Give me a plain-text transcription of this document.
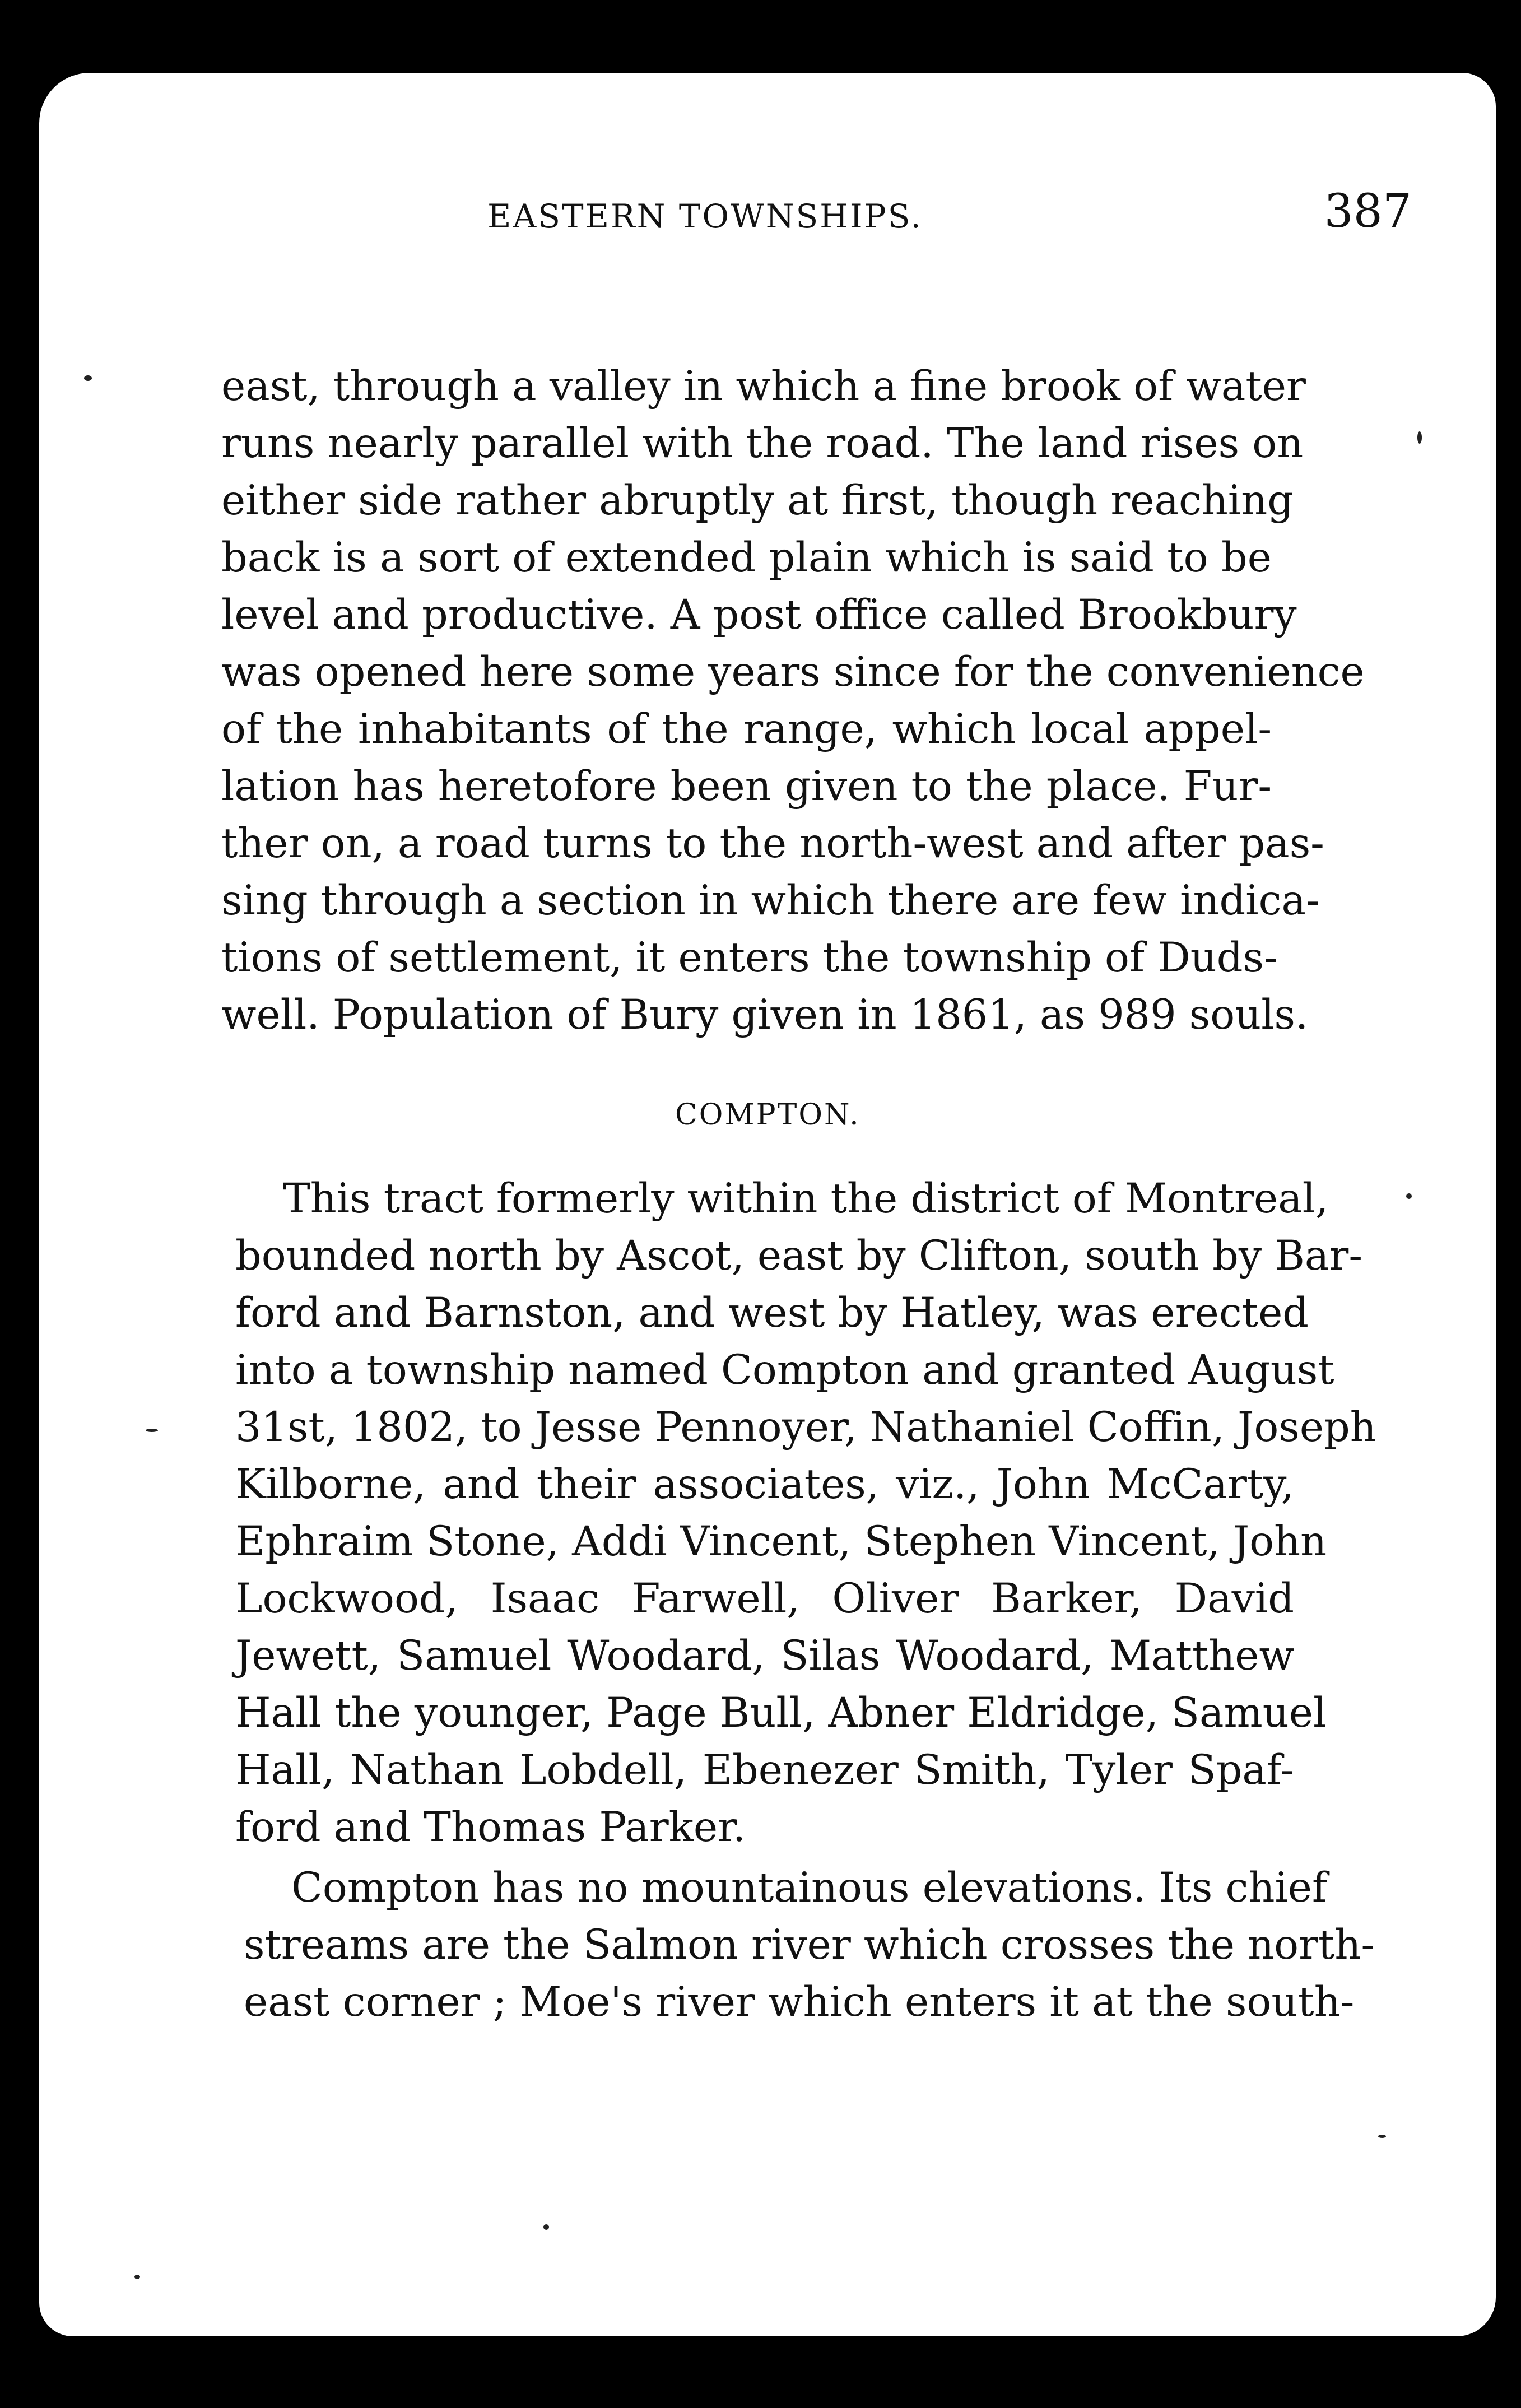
EASTERN TOWNSHIPS.	387
east, through a valley in which a fine brook of water
runs nearly parallel with the road. The land rises on
either side rather abruptly at first, though reaching
back is a sort of extended plain which is said to be
level and productive. A post office called Brookbury
was opened here some years since for the convenience
of the inhabitants of the range, which local appel-
lation has heretofore been given to the place. Fur-
ther on, a road turns to the north-west and after pas-
sing through a section in which there are few indica-
tions of settlement, it enters the township of Duds-
well. Population of Bury given in 1861, as 989 souls.
COMPTON.
This tract formerly within the district of Montreal,
bounded north by Ascot, east by Clifton, south by Bar-
ford and Barnston, and west by Hatley, was erected
into a township named Compton and granted August
31st, 1802, to Jesse Pennoyer, Nathaniel Coffin, Joseph
Kilborne, and their associates, viz., John McCarty,
Ephraim Stone, Addi Vincent, Stephen Vincent, John
Lockwood, Isaac Farwell, Oliver Barker, David
Jewett, Samuel Woodard, Silas Woodard, Matthew
Hall the younger, Page Bull, Abner Eldridge, Samuel
Hall, Nathan Lobdell, Ebenezer Smith, Tyler Spaf-
ford and Thomas Parker.
Compton has no mountainous elevations. Its chief
streams are the Salmon river which crosses the north-
east corner ; Moe's river which enters it at the south-
